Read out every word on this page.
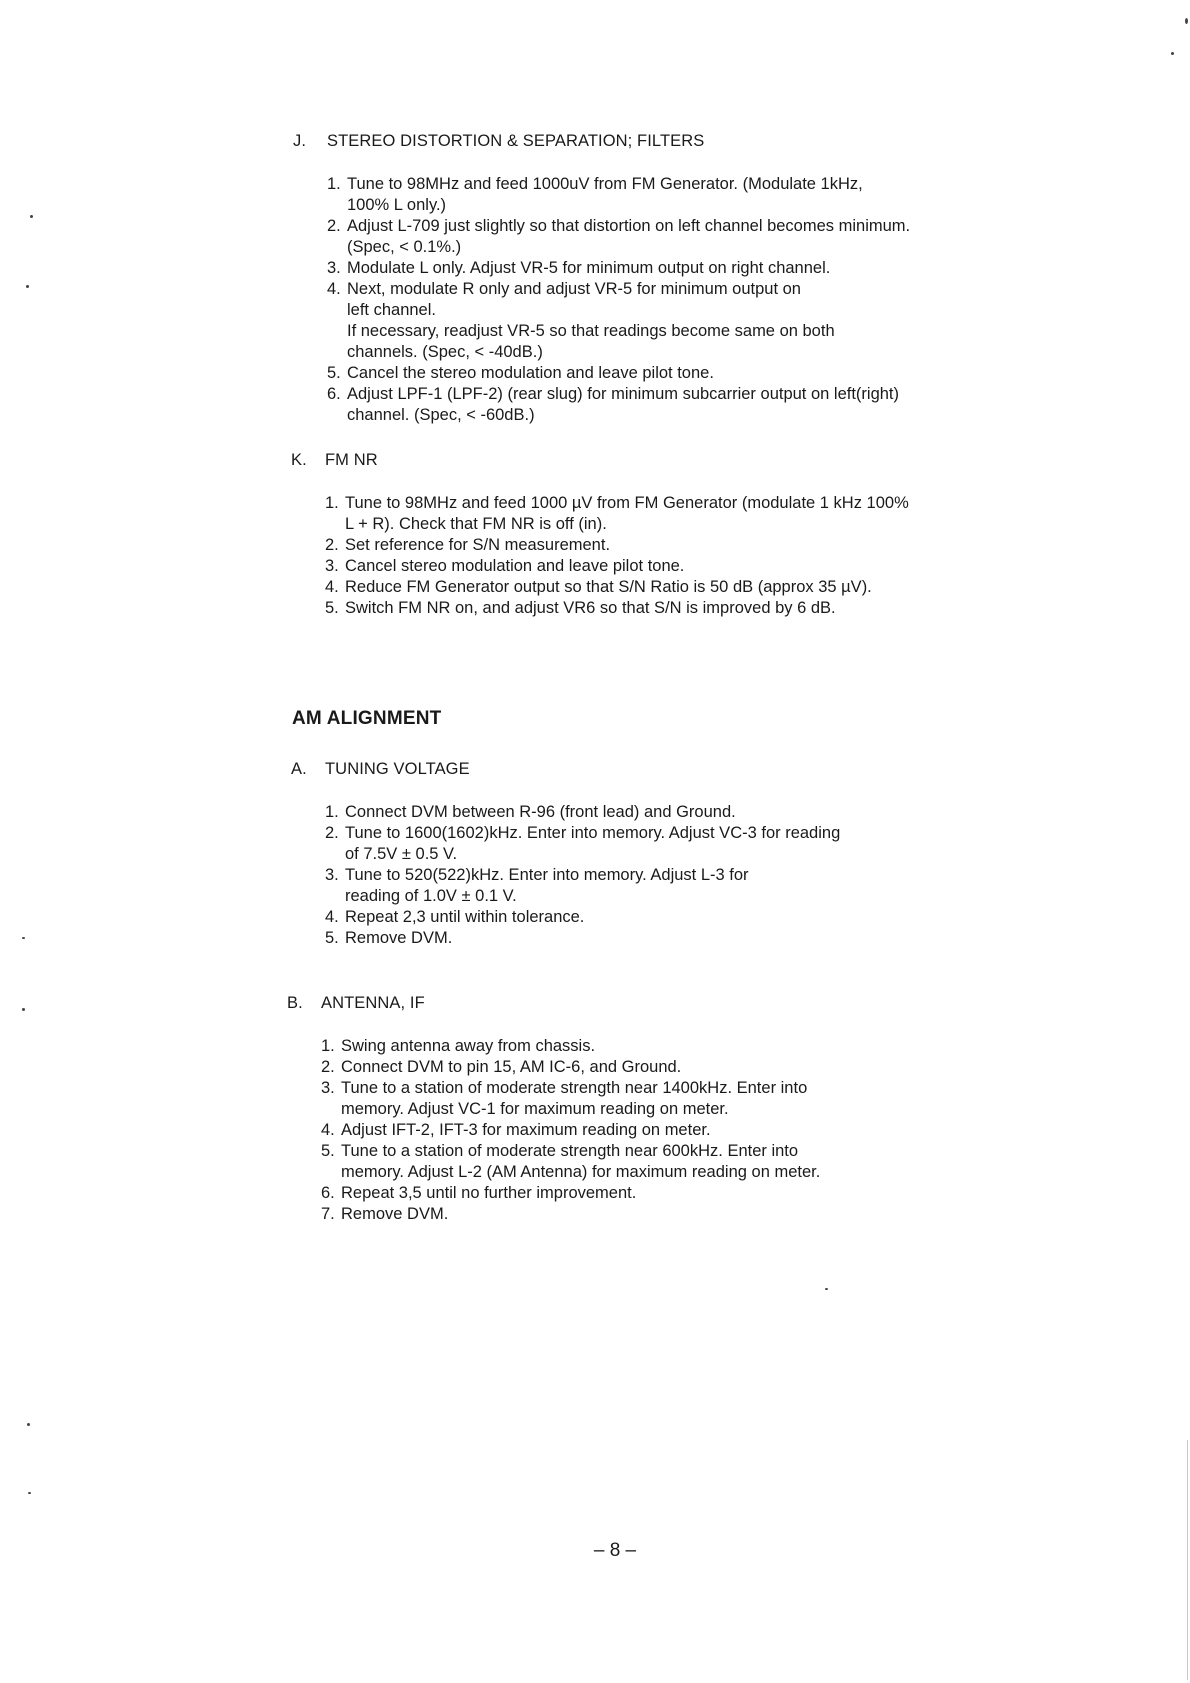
J.	STEREO DISTORTION & SEPARATION; FILTERS
1. Tune to 98MHz and feed 1000uV from FM Generator. (Modulate 1kHz,
100% L only.)
2. Adjust L-709 just slightly so that distortion on left channel becomes minimum.
(Spec, < 0.1%.)
3. Modulate L only. Adjust VR-5 for minimum output on right channel.
4. Next, modulate R only and adjust VR-5 for minimum output on
left channel.
If necessary, readjust VR-5 so that readings become same on both
channels. (Spec, < -40dB.)
5. Cancel the stereo modulation and leave pilot tone.
6. Adjust LPF-1 (LPF-2) (rear slug) for minimum subcarrier output on left(right)
channel. (Spec, < -60dB.)
K.	FM NR
1. Tune to 98MHz and feed 1000 µV from FM Generator (modulate 1 kHz 100%
L + R). Check that FM NR is off (in).
2. Set reference for S/N measurement.
3. Cancel stereo modulation and leave pilot tone.
4. Reduce FM Generator output so that S/N Ratio is 50 dB (approx 35 µV).
5. Switch FM NR on, and adjust VR6 so that S/N is improved by 6 dB.
AM ALIGNMENT
A.	TUNING VOLTAGE
1. Connect DVM between R-96 (front lead) and Ground.
2. Tune to 1600(1602)kHz. Enter into memory. Adjust VC-3 for reading
of 7.5V ± 0.5 V.
3. Tune to 520(522)kHz. Enter into memory. Adjust L-3 for
reading of 1.0V ± 0.1 V.
4. Repeat 2,3 until within tolerance.
5. Remove DVM.
B.	ANTENNA, IF
1. Swing antenna away from chassis.
2. Connect DVM to pin 15, AM IC-6, and Ground.
3. Tune to a station of moderate strength near 1400kHz. Enter into
memory. Adjust VC-1 for maximum reading on meter.
4. Adjust IFT-2, IFT-3 for maximum reading on meter.
5. Tune to a station of moderate strength near 600kHz. Enter into
memory. Adjust L-2 (AM Antenna) for maximum reading on meter.
6. Repeat 3,5 until no further improvement.
7. Remove DVM.
– 8 –
